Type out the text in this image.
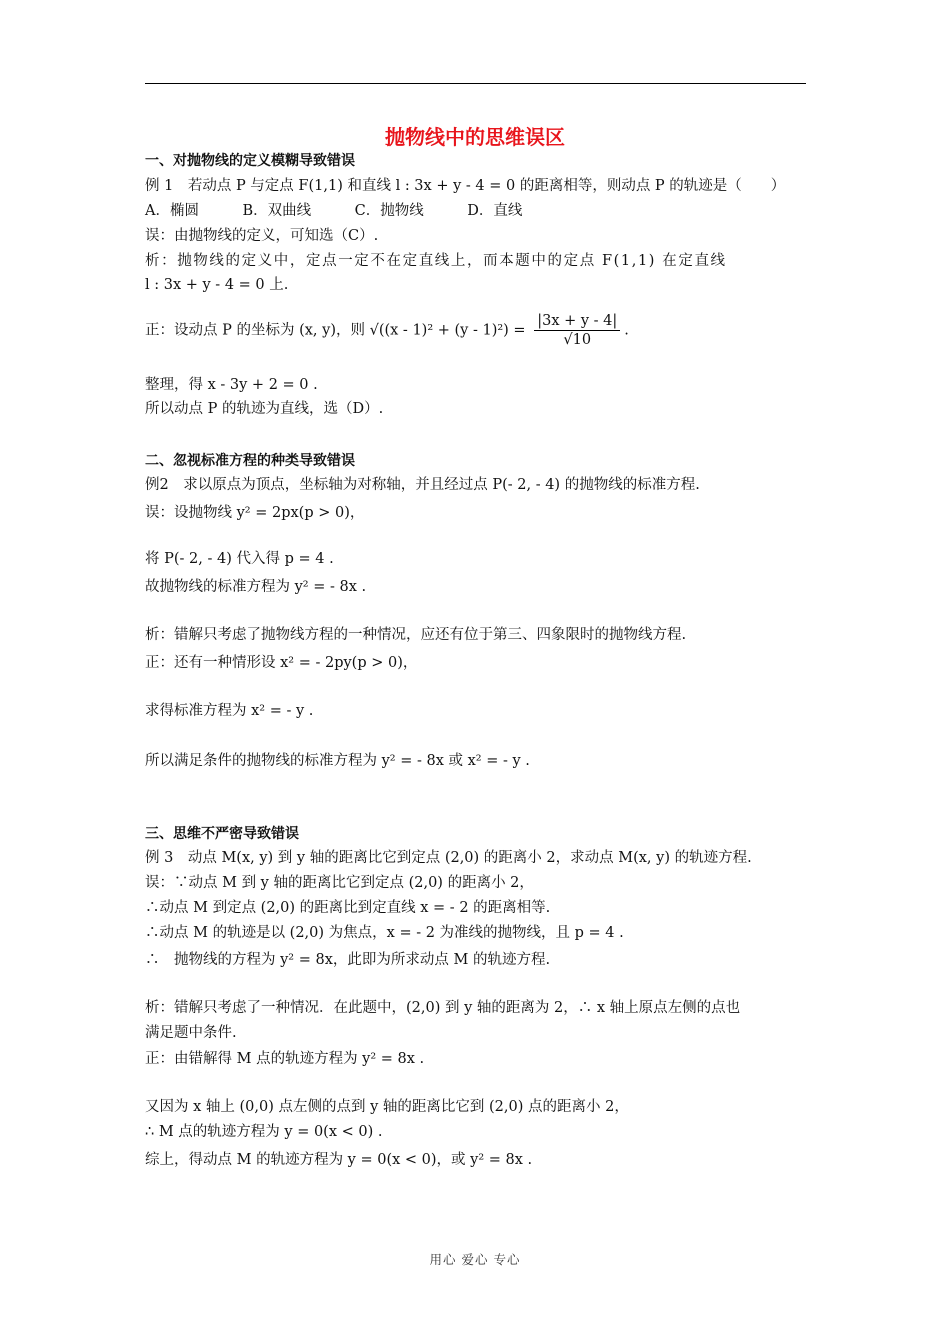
抛物线中的思维误区
一、对抛物线的定义模糊导致错误
例 1　若动点 P 与定点 F(1,1) 和直线 l : 3x + y - 4 = 0 的距离相等，则动点 P 的轨迹是（　　）
A．椭圆　　　B．双曲线　　　C．抛物线　　　D．直线
误：由抛物线的定义，可知选（C）.
析：抛物线的定义中，定点一定不在定直线上，而本题中的定点 F(1,1) 在定直线
l : 3x + y - 4 = 0 上.
正：设动点 P 的坐标为 (x, y)，则 $√((x - 1)^2 + (y - 1)^2) = \frac{|3x + y - 4|}{√10}$ .
整理，得 x - 3y + 2 = 0 .
所以动点 P 的轨迹为直线，选（D）.
二、忽视标准方程的种类导致错误
例2　求以原点为顶点，坐标轴为对称轴，并且经过点 P(- 2, - 4) 的抛物线的标准方程.
误：设抛物线 y² = 2px(p > 0)，
将 P(- 2, - 4) 代入得 p = 4 .
故抛物线的标准方程为 y² = - 8x .
析：错解只考虑了抛物线方程的一种情况，应还有位于第三、四象限时的抛物线方程.
正：还有一种情形设 x² = - 2py(p > 0)，
求得标准方程为 x² = - y .
所以满足条件的抛物线的标准方程为 y² = - 8x 或 x² = - y .
三、思维不严密导致错误
例 3　动点 M(x, y) 到 y 轴的距离比它到定点 (2,0) 的距离小 2，求动点 M(x, y) 的轨迹方程.
误：∵动点 M 到 y 轴的距离比它到定点 (2,0) 的距离小 2，
∴动点 M 到定点 (2,0) 的距离比到定直线 x = - 2 的距离相等.
∴动点 M 的轨迹是以 (2,0) 为焦点，x = - 2 为准线的抛物线，且 p = 4 .
∴　抛物线的方程为 y² = 8x，此即为所求动点 M 的轨迹方程.
析：错解只考虑了一种情况．在此题中，(2,0) 到 y 轴的距离为 2，∴ x 轴上原点左侧的点也
满足题中条件.
正：由错解得 M 点的轨迹方程为 y² = 8x .
又因为 x 轴上 (0,0) 点左侧的点到 y 轴的距离比它到 (2,0) 点的距离小 2，
∴ M 点的轨迹方程为 y = 0(x < 0) .
综上，得动点 M 的轨迹方程为 y = 0(x < 0)，或 y² = 8x .
用心 爱心 专心
